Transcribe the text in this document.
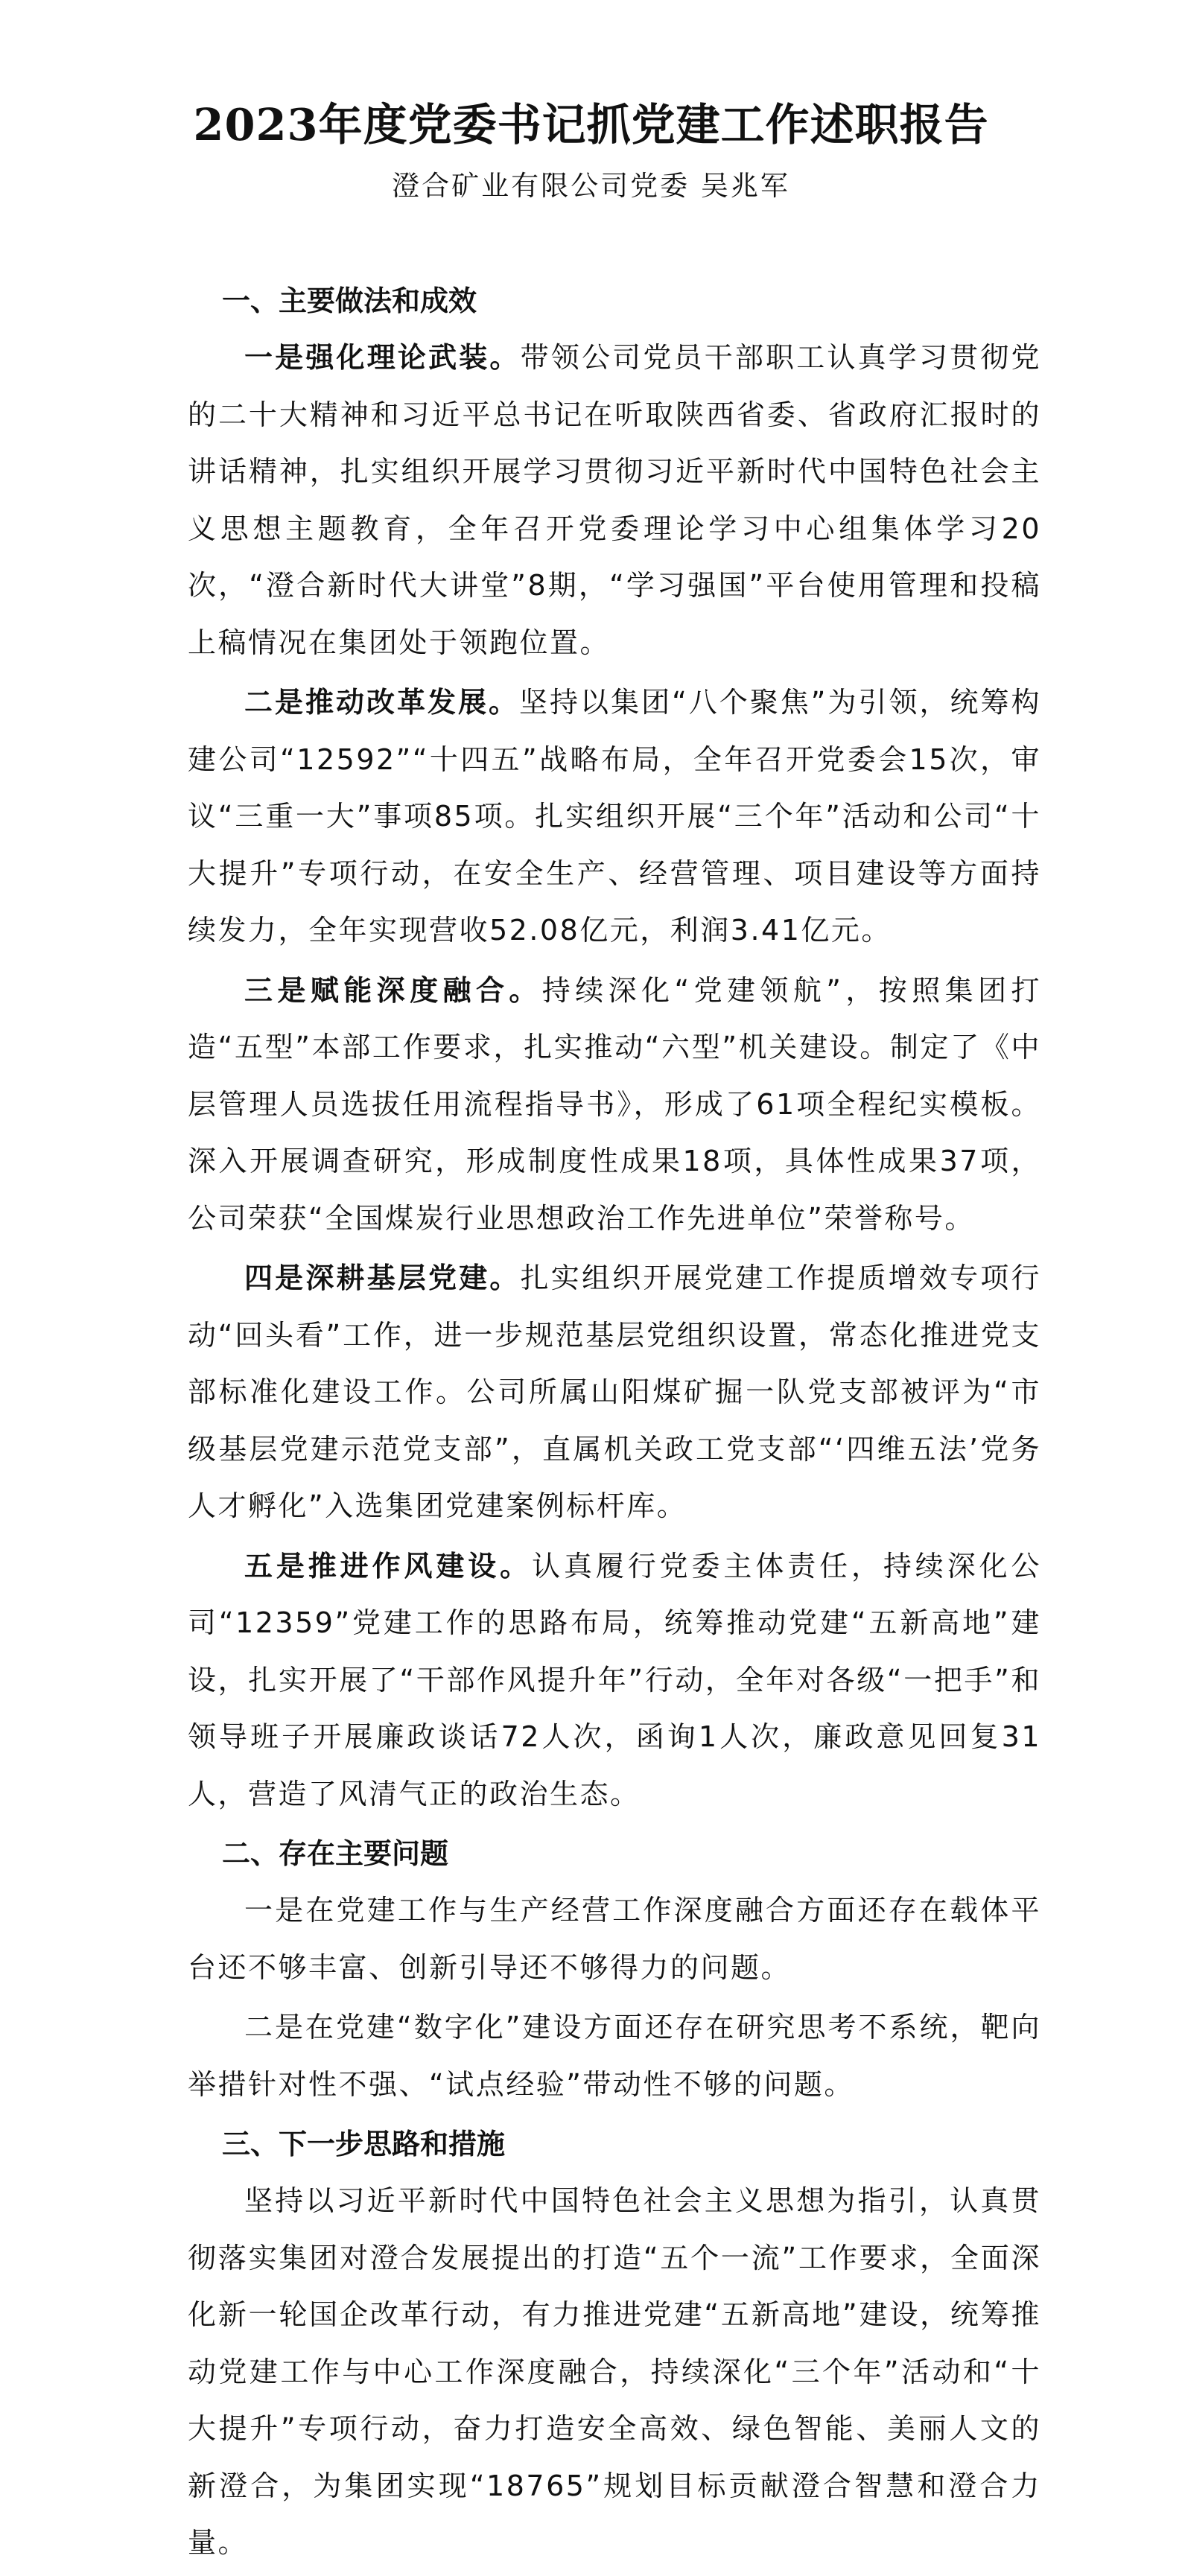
2023年度党委书记抓党建工作述职报告
澄合矿业有限公司党委 吴兆军
一、主要做法和成效

一是强化理论武装。带领公司党员干部职工认真学习贯彻党的二十大精神和习近平总书记在听取陕西省委、省政府汇报时的讲话精神，扎实组织开展学习贯彻习近平新时代中国特色社会主义思想主题教育，全年召开党委理论学习中心组集体学习20次，“澄合新时代大讲堂”8期，“学习强国”平台使用管理和投稿上稿情况在集团处于领跑位置。

二是推动改革发展。坚持以集团“八个聚焦”为引领，统筹构建公司“12592”“十四五”战略布局，全年召开党委会15次，审议“三重一大”事项85项。扎实组织开展“三个年”活动和公司“十大提升”专项行动，在安全生产、经营管理、项目建设等方面持续发力，全年实现营收52.08亿元，利润3.41亿元。

三是赋能深度融合。持续深化“党建领航”，按照集团打造“五型”本部工作要求，扎实推动“六型”机关建设。制定了《中层管理人员选拔任用流程指导书》，形成了61项全程纪实模板。深入开展调查研究，形成制度性成果18项，具体性成果37项，公司荣获“全国煤炭行业思想政治工作先进单位”荣誉称号。

四是深耕基层党建。扎实组织开展党建工作提质增效专项行动“回头看”工作，进一步规范基层党组织设置，常态化推进党支部标准化建设工作。公司所属山阳煤矿掘一队党支部被评为“市级基层党建示范党支部”，直属机关政工党支部“‘四维五法’党务人才孵化”入选集团党建案例标杆库。

五是推进作风建设。认真履行党委主体责任，持续深化公司“12359”党建工作的思路布局，统筹推动党建“五新高地”建设，扎实开展了“干部作风提升年”行动，全年对各级“一把手”和领导班子开展廉政谈话72人次，函询1人次，廉政意见回复31人，营造了风清气正的政治生态。

二、存在主要问题

一是在党建工作与生产经营工作深度融合方面还存在载体平台还不够丰富、创新引导还不够得力的问题。

二是在党建“数字化”建设方面还存在研究思考不系统，靶向举措针对性不强、“试点经验”带动性不够的问题。

三、下一步思路和措施

坚持以习近平新时代中国特色社会主义思想为指引，认真贯彻落实集团对澄合发展提出的打造“五个一流”工作要求，全面深化新一轮国企改革行动，有力推进党建“五新高地”建设，统筹推动党建工作与中心工作深度融合，持续深化“三个年”活动和“十大提升”专项行动，奋力打造安全高效、绿色智能、美丽人文的新澄合，为集团实现“18765”规划目标贡献澄合智慧和澄合力量。
